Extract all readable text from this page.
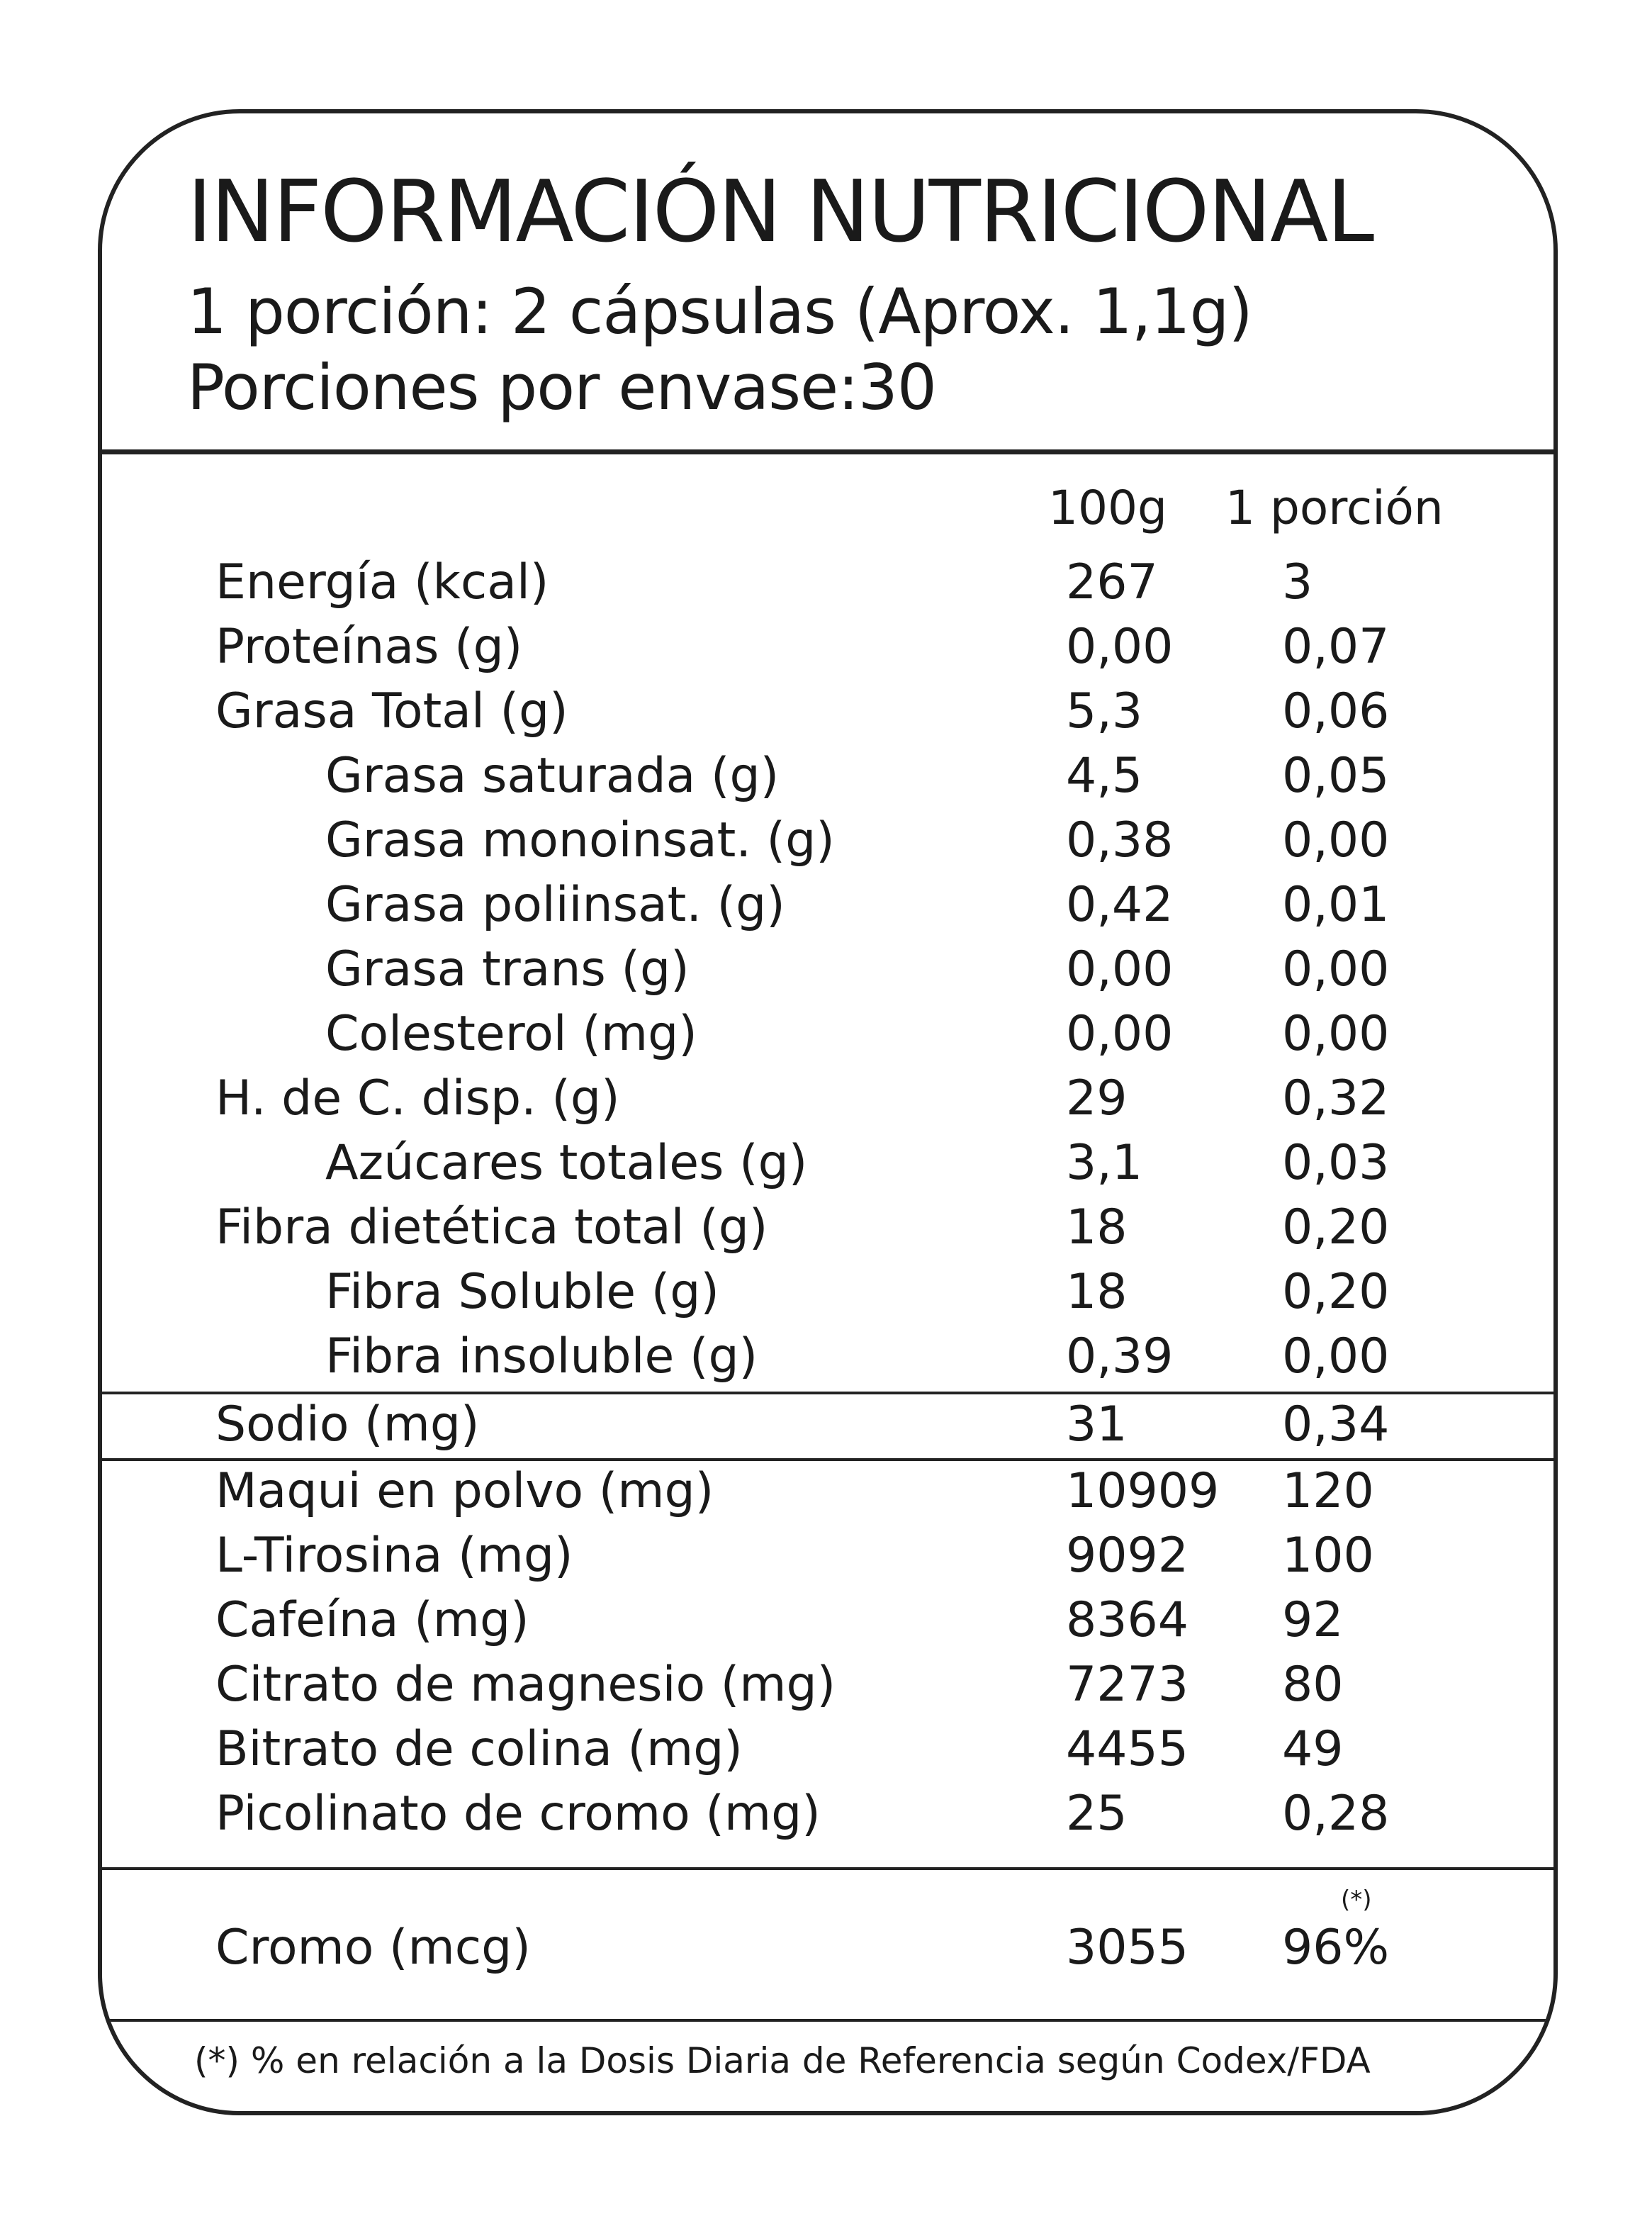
INFORMACIÓN NUTRICIONAL
1 porción: 2 cápsulas (Aprox. 1,1g)
Porciones por envase:30
100g 1 porción
Energía (kcal)	267	3
Proteínas (g)	0,00 0,07
Grasa Total (g)	5,3	0,06
Grasa saturada (g)	4,5	0,05
Grasa monoinsat. (g)	0,38 0,00
Grasa poliinsat. (g)	0,42 0,01
Grasa trans (g)	0,00 0,00
Colesterol (mg)	0,00 0,00
H. de C. disp. (g)	29	0,32
Azúcares totales (g)	3,1	0,03
Fibra dietética total (g)	18	0,20
Fibra Soluble (g)	18	0,20
Fibra insoluble (g)	0,39 0,00
Sodio (mg)	31	0,34
Maqui en polvo (mg)	10909 120
L-Tirosina (mg)	9092 100
Cafeína (mg)	8364 92
Citrato de magnesio (mg)	7273 80
Bitrato de colina (mg)	4455 49
Picolinato de cromo (mg)	25	0,28
(*)
Cromo (mcg)	3055 96%
(*) % en relación a la Dosis Diaria de Referencia según Codex/FDA
